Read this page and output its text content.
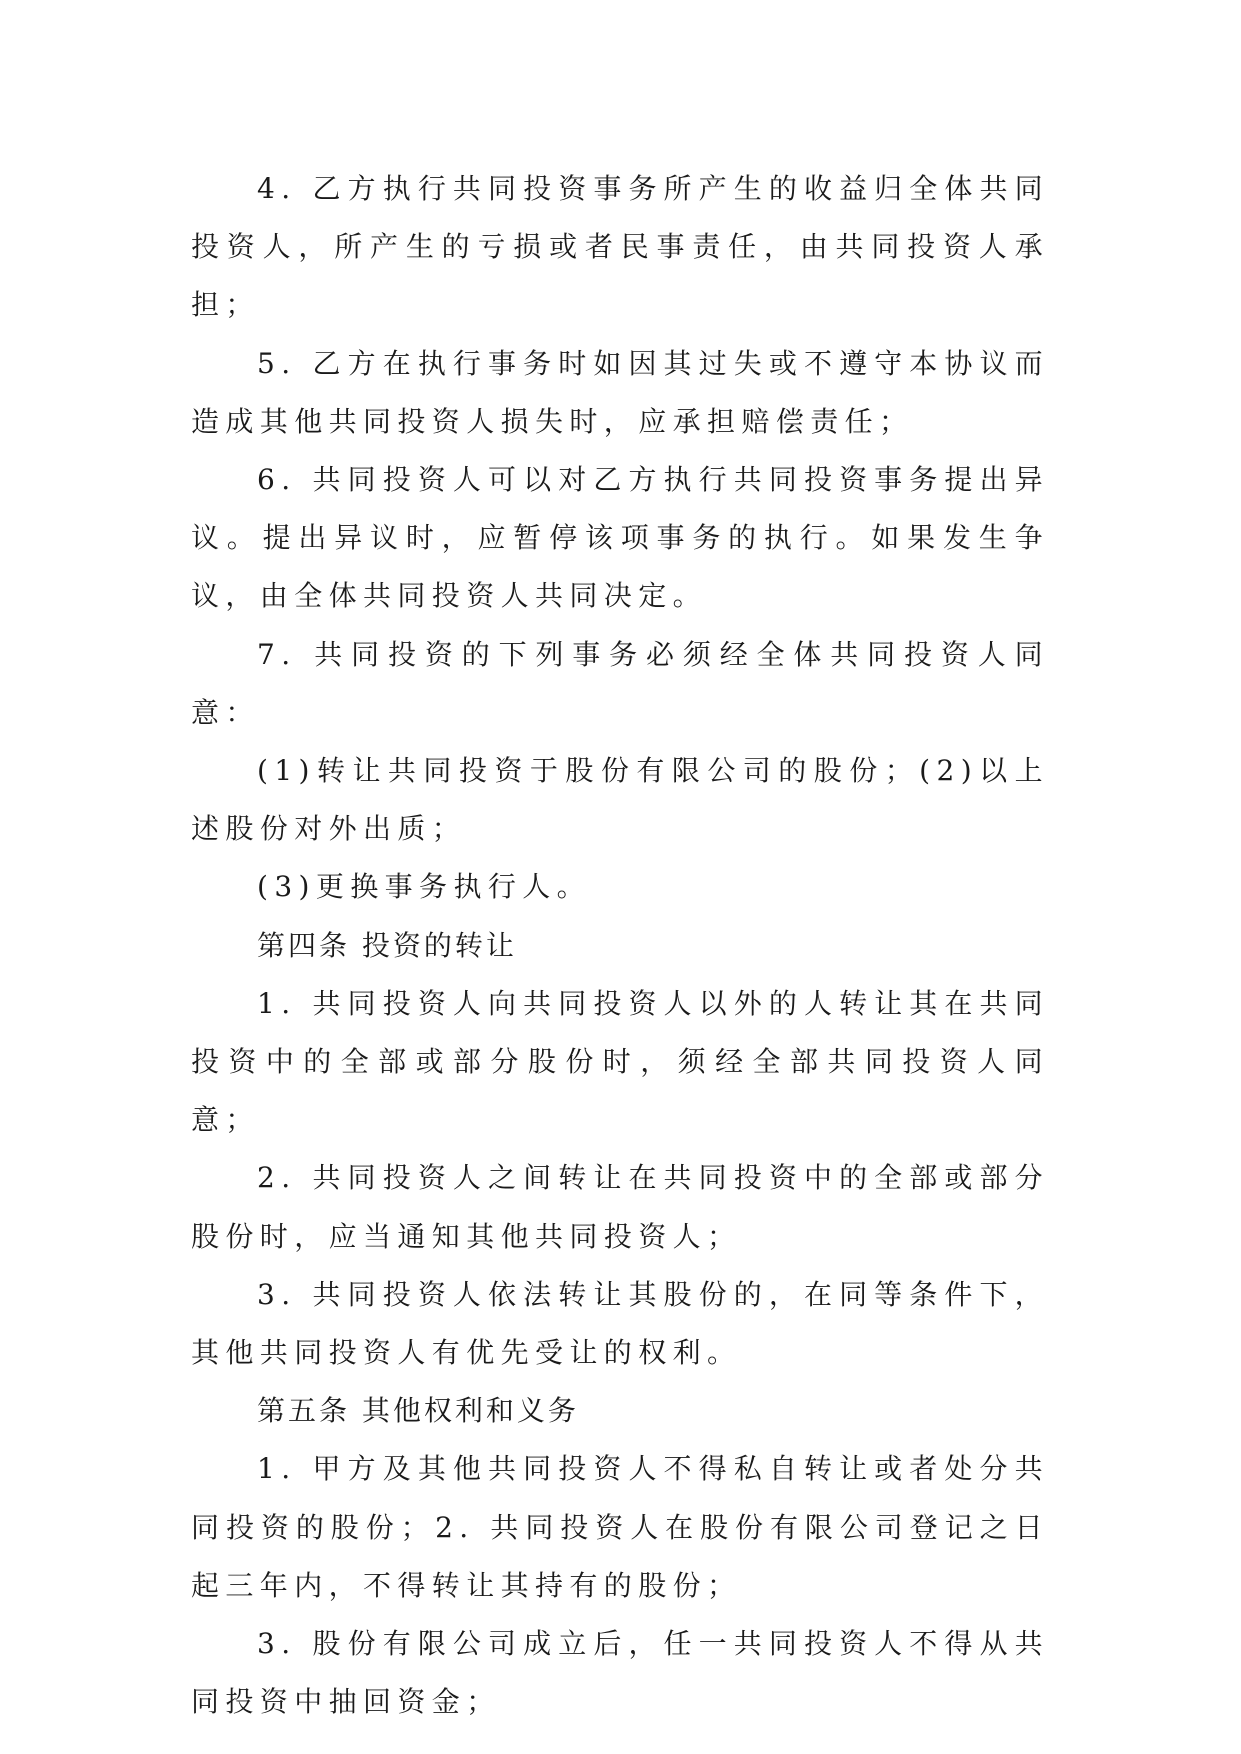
4. 乙方执行共同投资事务所产生的收益归全体共同投资人，所产生的亏损或者民事责任，由共同投资人承担；

5. 乙方在执行事务时如因其过失或不遵守本协议而造成其他共同投资人损失时，应承担赔偿责任；

6. 共同投资人可以对乙方执行共同投资事务提出异议。提出异议时，应暂停该项事务的执行。如果发生争议，由全体共同投资人共同决定。

7. 共同投资的下列事务必须经全体共同投资人同意：

(1)转让共同投资于股份有限公司的股份；(2)以上述股份对外出质；

(3)更换事务执行人。

第四条 投资的转让

1. 共同投资人向共同投资人以外的人转让其在共同投资中的全部或部分股份时，须经全部共同投资人同意；

2. 共同投资人之间转让在共同投资中的全部或部分股份时，应当通知其他共同投资人；

3. 共同投资人依法转让其股份的，在同等条件下，其他共同投资人有优先受让的权利。

第五条 其他权利和义务

1. 甲方及其他共同投资人不得私自转让或者处分共同投资的股份；2. 共同投资人在股份有限公司登记之日起三年内，不得转让其持有的股份；

3. 股份有限公司成立后，任一共同投资人不得从共同投资中抽回资金；
